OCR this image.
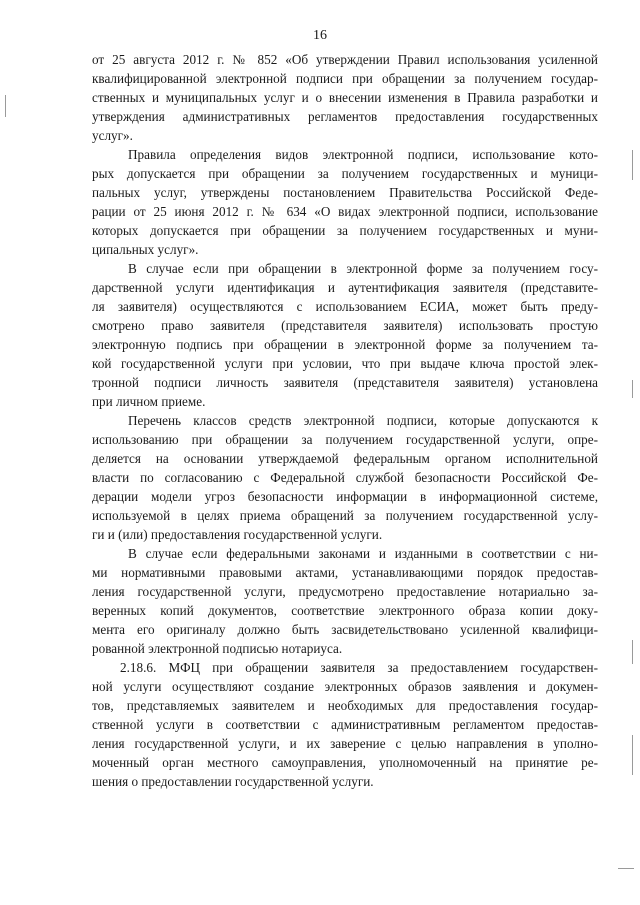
16
от 25 августа 2012 г. № 852 «Об утверждении Правил использования усиленной
квалифицированной электронной подписи при обращении за получением государ-
ственных и муниципальных услуг и о внесении изменения в Правила разработки и
утверждения административных регламентов предоставления государственных
услуг».
Правила определения видов электронной подписи, использование кото-
рых допускается при обращении за получением государственных и муници-
пальных услуг, утверждены постановлением Правительства Российской Феде-
рации от 25 июня 2012 г. № 634 «О видах электронной подписи, использование
которых допускается при обращении за получением государственных и муни-
ципальных услуг».
В случае если при обращении в электронной форме за получением госу-
дарственной услуги идентификация и аутентификация заявителя (представите-
ля заявителя) осуществляются с использованием ЕСИА, может быть преду-
смотрено право заявителя (представителя заявителя) использовать простую
электронную подпись при обращении в электронной форме за получением та-
кой государственной услуги при условии, что при выдаче ключа простой элек-
тронной подписи личность заявителя (представителя заявителя) установлена
при личном приеме.
Перечень классов средств электронной подписи, которые допускаются к
использованию при обращении за получением государственной услуги, опре-
деляется на основании утверждаемой федеральным органом исполнительной
власти по согласованию с Федеральной службой безопасности Российской Фе-
дерации модели угроз безопасности информации в информационной системе,
используемой в целях приема обращений за получением государственной услу-
ги и (или) предоставления государственной услуги.
В случае если федеральными законами и изданными в соответствии с ни-
ми нормативными правовыми актами, устанавливающими порядок предостав-
ления государственной услуги, предусмотрено предоставление нотариально за-
веренных копий документов, соответствие электронного образа копии доку-
мента его оригиналу должно быть засвидетельствовано усиленной квалифици-
рованной электронной подписью нотариуса.
2.18.6. МФЦ при обращении заявителя за предоставлением государствен-
ной услуги осуществляют создание электронных образов заявления и докумен-
тов, представляемых заявителем и необходимых для предоставления государ-
ственной услуги в соответствии с административным регламентом предостав-
ления государственной услуги, и их заверение с целью направления в уполно-
моченный орган местного самоуправления, уполномоченный на принятие ре-
шения о предоставлении государственной услуги.
